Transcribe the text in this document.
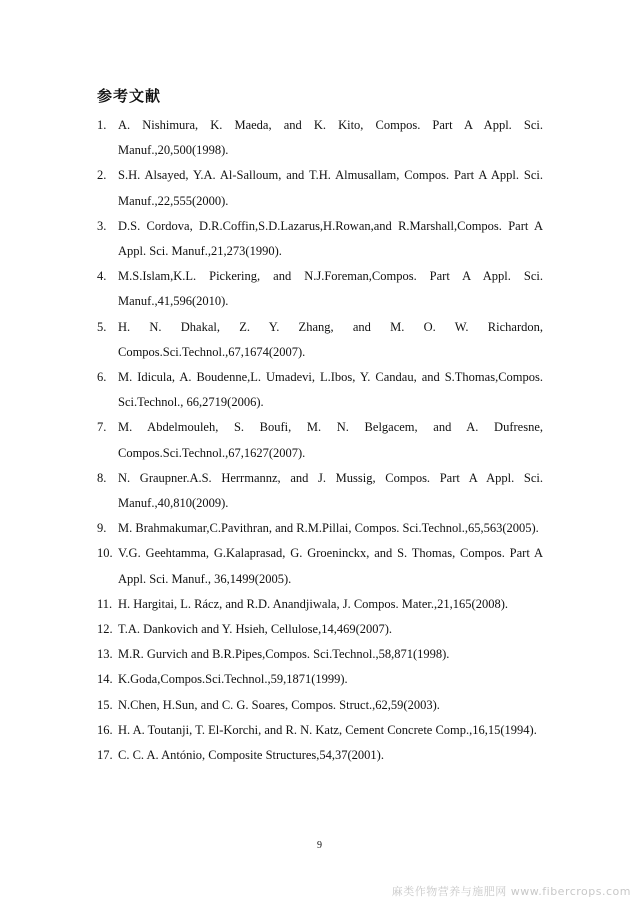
参考文献
1. A. Nishimura, K. Maeda, and K. Kito, Compos. Part A Appl. Sci. Manuf.,20,500(1998).
2. S.H. Alsayed, Y.A. Al-Salloum, and T.H. Almusallam, Compos. Part A Appl. Sci. Manuf.,22,555(2000).
3. D.S. Cordova, D.R.Coffin,S.D.Lazarus,H.Rowan,and R.Marshall,Compos. Part A Appl. Sci. Manuf.,21,273(1990).
4. M.S.Islam,K.L. Pickering, and N.J.Foreman,Compos. Part A Appl. Sci. Manuf.,41,596(2010).
5. H. N. Dhakal, Z. Y. Zhang, and M. O. W. Richardon, Compos.Sci.Technol.,67,1674(2007).
6. M. Idicula, A. Boudenne,L. Umadevi, L.Ibos, Y. Candau, and S.Thomas,Compos. Sci.Technol., 66,2719(2006).
7. M. Abdelmouleh, S. Boufi, M. N. Belgacem, and A. Dufresne, Compos.Sci.Technol.,67,1627(2007).
8. N. Graupner.A.S. Herrmannz, and J. Mussig, Compos. Part A Appl. Sci. Manuf.,40,810(2009).
9. M. Brahmakumar,C.Pavithran, and R.M.Pillai, Compos. Sci.Technol.,65,563(2005).
10. V.G. Geehtamma, G.Kalaprasad, G. Groeninckx, and S. Thomas, Compos. Part A Appl. Sci. Manuf., 36,1499(2005).
11. H. Hargitai, L. Rácz, and R.D. Anandjiwala, J. Compos. Mater.,21,165(2008).
12. T.A. Dankovich and Y. Hsieh, Cellulose,14,469(2007).
13. M.R. Gurvich and B.R.Pipes,Compos. Sci.Technol.,58,871(1998).
14. K.Goda,Compos.Sci.Technol.,59,1871(1999).
15. N.Chen, H.Sun, and C. G. Soares, Compos. Struct.,62,59(2003).
16. H. A. Toutanji, T. El-Korchi, and R. N. Katz, Cement Concrete Comp.,16,15(1994).
17. C. C. A. António, Composite Structures,54,37(2001).
9
麻类作物营养与施肥网 www.fibercrops.com
